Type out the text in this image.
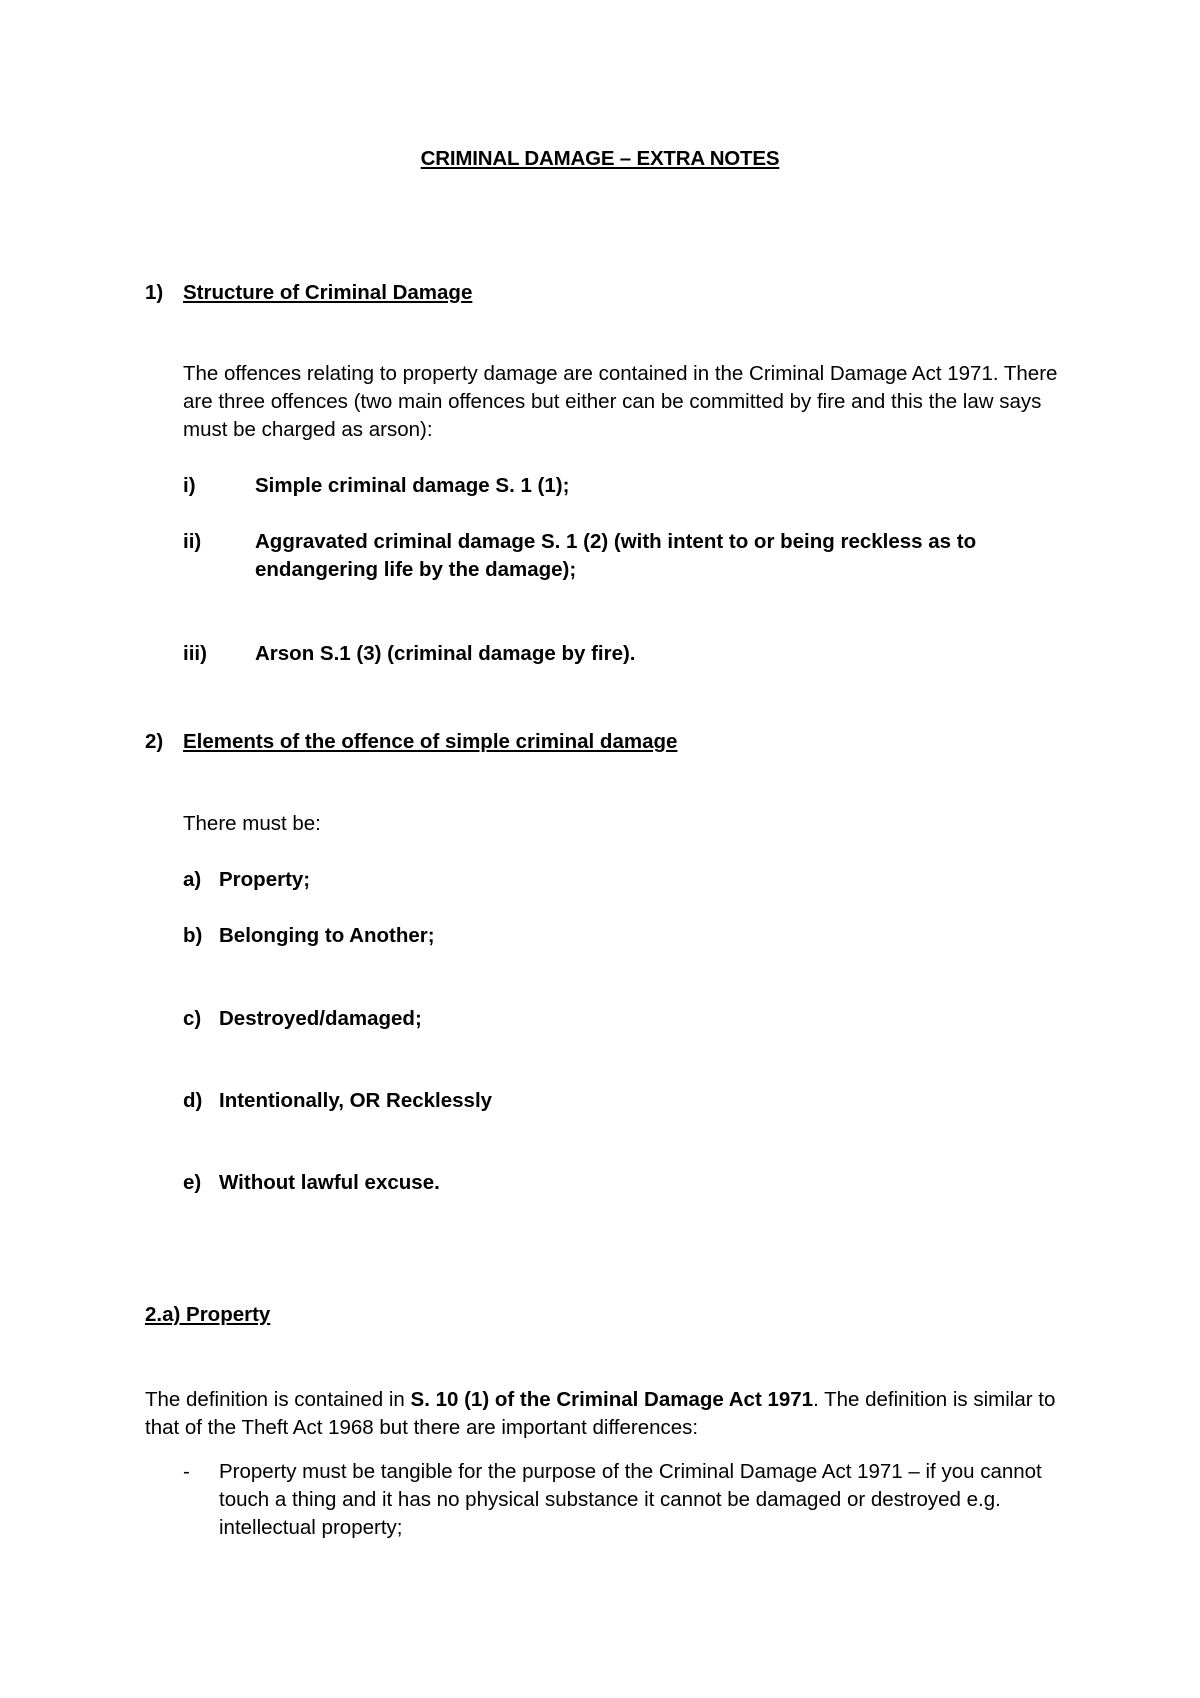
CRIMINAL DAMAGE – EXTRA NOTES
1) Structure of Criminal Damage
The offences relating to property damage are contained in the Criminal Damage Act 1971. There are three offences (two main offences but either can be committed by fire and this the law says must be charged as arson):
i)	Simple criminal damage S. 1 (1);
ii)	Aggravated criminal damage S. 1 (2) (with intent to or being reckless as to endangering life by the damage);
iii) Arson S.1 (3) (criminal damage by fire).
2) Elements of the offence of simple criminal damage
There must be:
a) Property;
b) Belonging to Another;
c) Destroyed/damaged;
d) Intentionally, OR Recklessly
e) Without lawful excuse.
2.a) Property
The definition is contained in S. 10 (1) of the Criminal Damage Act 1971. The definition is similar to that of the Theft Act 1968 but there are important differences:
- Property must be tangible for the purpose of the Criminal Damage Act 1971 – if you cannot touch a thing and it has no physical substance it cannot be damaged or destroyed e.g. intellectual property;
